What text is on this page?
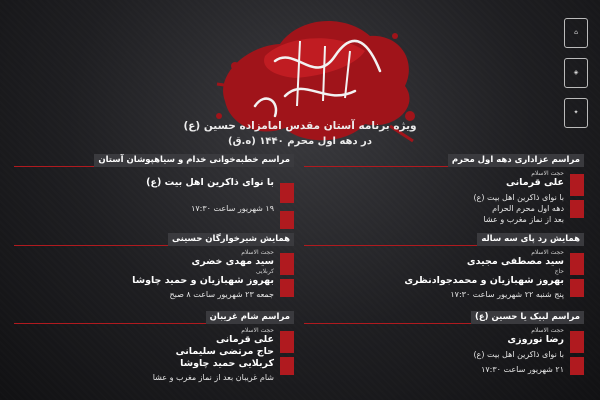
⌂
◈
✦
ویژه برنامه آستان مقدس امامزاده حسین (ع)
در دهه اول محرم ۱۴۴۰ (ه.ق)
مراسم عزاداری دهه اول محرم
حجت الاسلام
علی قرمانی
با نوای ذاکرین اهل بیت (ع)
دهه اول محرم الحرام
بعد از نماز مغرب و عشا
همایش رد پای سه ساله
حجت الاسلام
سید مصطفی مجیدی
حاج
بهروز شهبازیان و محمدجوادنظری
پنج شنبه ۲۲ شهریور ساعت ۱۷:۳۰
مراسم لبیک یا حسین (ع)
حجت الاسلام
رضا نوروزی
با نوای ذاکرین اهل بیت (ع)
۲۱ شهریور ساعت ۱۷:۳۰
مراسم خطبه‌خوانی خدام و سیاهپوشان آستان
با نوای ذاکرین اهل بیت (ع)
۱۹ شهریور ساعت ۱۷:۳۰
همایش شیرخوارگان حسینی
حجت الاسلام
سید مهدی خضری
کربلایی
بهروز شهبازیان و حمید چاوشا
جمعه ۲۳ شهریور ساعت ۸ صبح
مراسم شام غریبان
حجت الاسلام
علی قرمانی
حاج مرتضی سلیمانی
کربلایی حمید چاوشا
شام غریبان بعد از نماز مغرب و عشا
